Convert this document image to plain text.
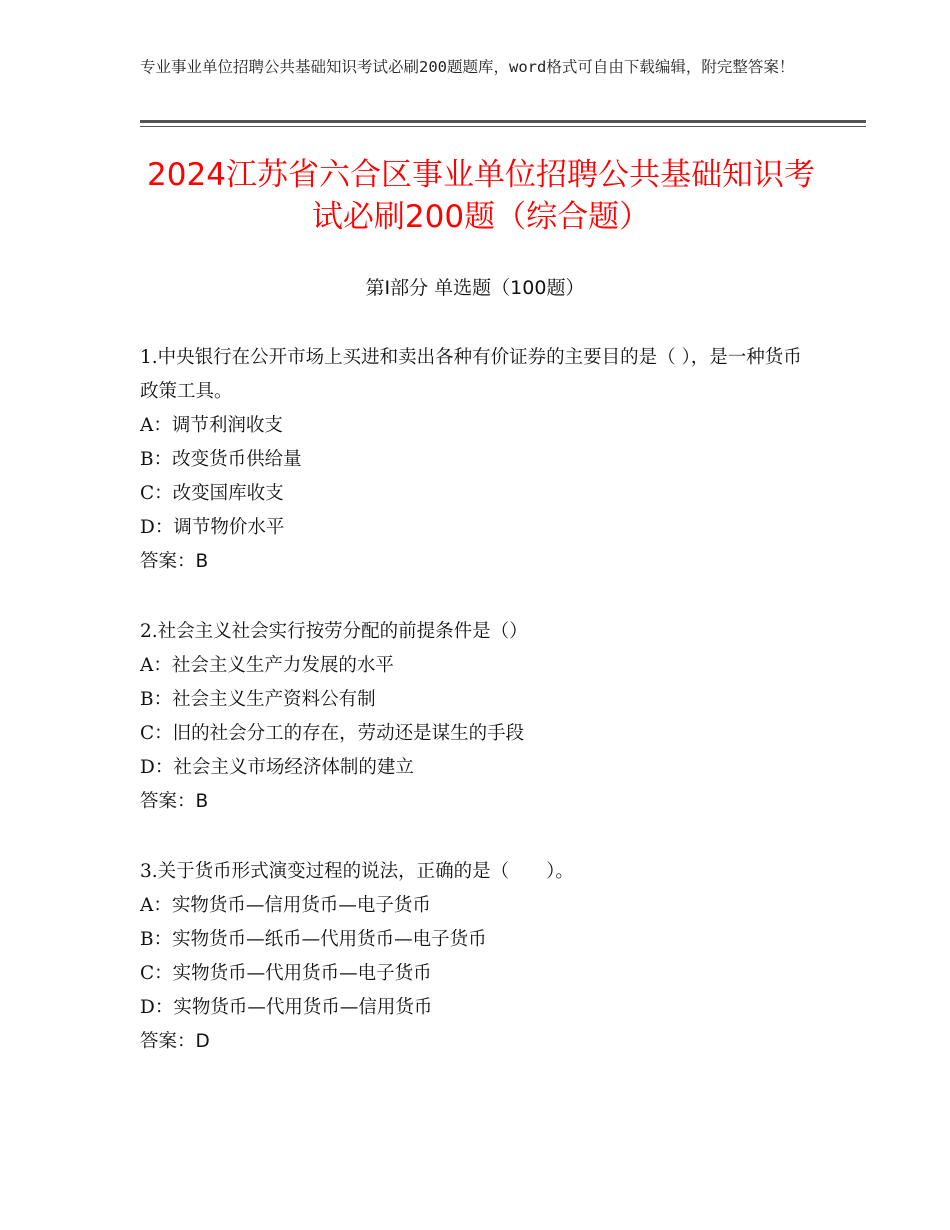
专业事业单位招聘公共基础知识考试必刷200题题库，word格式可自由下载编辑，附完整答案！
2024江苏省六合区事业单位招聘公共基础知识考试必刷200题（综合题）
第Ⅰ部分 单选题（100题）
1.中央银行在公开市场上买进和卖出各种有价证券的主要目的是（ ），是一种货币政策工具。
A：调节利润收支
B：改变货币供给量
C：改变国库收支
D：调节物价水平
答案：B
2.社会主义社会实行按劳分配的前提条件是（）
A：社会主义生产力发展的水平
B：社会主义生产资料公有制
C：旧的社会分工的存在，劳动还是谋生的手段
D：社会主义市场经济体制的建立
答案：B
3.关于货币形式演变过程的说法，正确的是（　　）。
A：实物货币—信用货币—电子货币
B：实物货币—纸币—代用货币—电子货币
C：实物货币—代用货币—电子货币
D：实物货币—代用货币—信用货币
答案：D
